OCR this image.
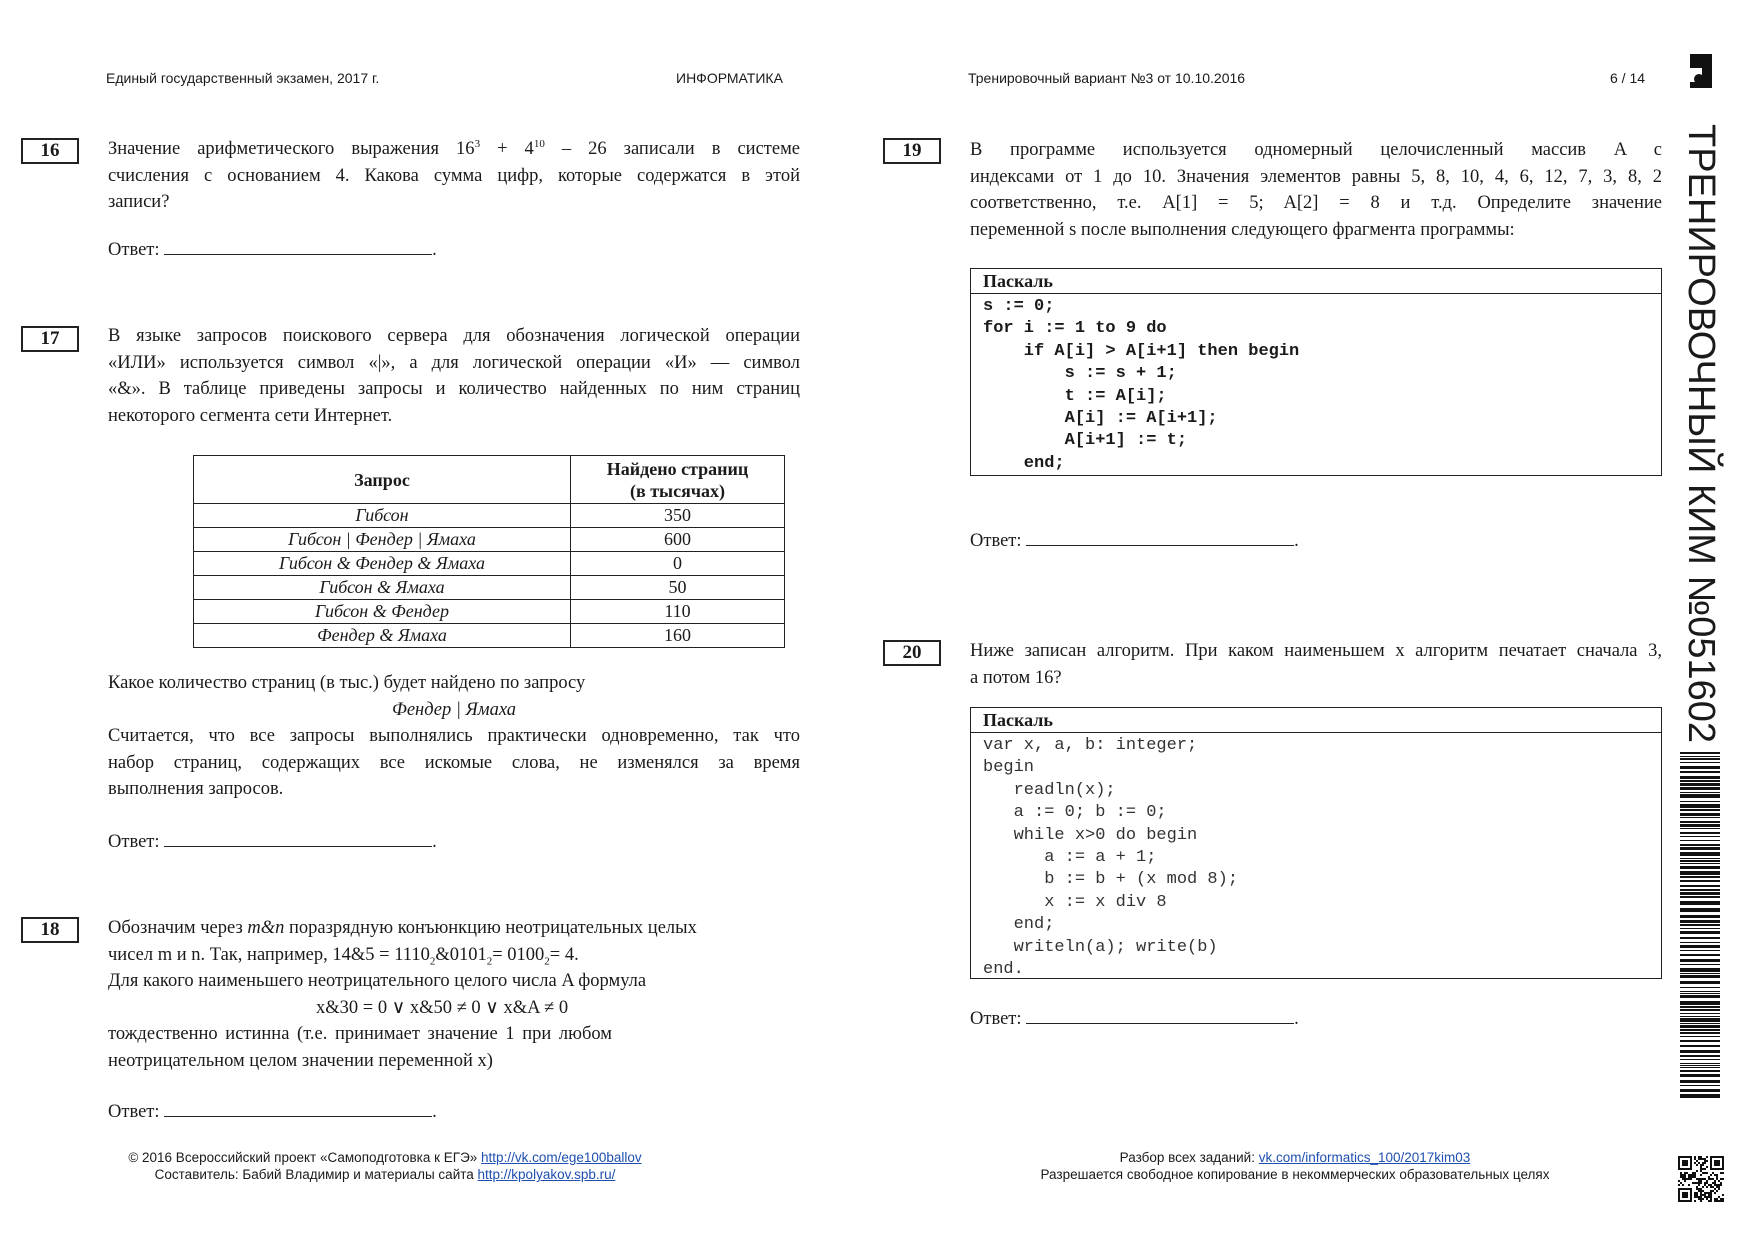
Единый государственный экзамен, 2017 г.	ИНФОРМАТИКА	Тренировочный вариант №3 от 10.10.2016	6 / 14
ТРЕНИРОВОЧНЫЙ КИМ №051602
16	Значение арифметического выражения $16^3 + 4^{10} - 26$ записали в системе
счисления с основанием 4. Какова сумма цифр, которые содержатся в этой
записи?
Ответ:	.
17	В языке запросов поискового сервера для обозначения логической операции
«ИЛИ» используется символ «|», а для логической операции «И» — символ
«&». В таблице приведены запросы и количество найденных по ним страниц
некоторого сегмента сети Интернет.
Запрос	Найдено страниц
(в тысячах)

Гибсон	350
Гибсон | Фендер | Ямаха	600
Гибсон & Фендер & Ямаха	0
Гибсон & Ямаха	50
Гибсон & Фендер	110
Фендер & Ямаха	160
Какое количество страниц (в тыс.) будет найдено по запросу
Фендер | Ямаха
Считается, что все запросы выполнялись практически одновременно, так что
набор страниц, содержащих все искомые слова, не изменялся за время
выполнения запросов.
Ответ:	.
18	Обозначим через m&n поразрядную конъюнкцию неотрицательных целых
чисел m и n. Так, например, 14&5 = $1110_2\&0101_2= 0100_2= 4$.
Для какого наименьшего неотрицательного целого числа A формула
x&30 = 0 ∨ x&50 ≠ 0 ∨ x&A ≠ 0
тождественно истинна (т.е. принимает значение 1 при любом
неотрицательном целом значении переменной x)
Ответ:	.
19	В программе используется одномерный целочисленный массив A с
индексами от 1 до 10. Значения элементов равны 5, 8, 10, 4, 6, 12, 7, 3, 8, 2
соответственно, т.е. A[1] = 5; A[2] = 8 и т.д. Определите значение
переменной s после выполнения следующего фрагмента программы:
Паскаль
s := 0;
for i := 1 to 9 do
if A[i] > A[i+1] then begin
s := s + 1;
t := A[i];
A[i] := A[i+1];
A[i+1] := t;
end;
Ответ:	.
20	Ниже записан алгоритм. При каком наименьшем x алгоритм печатает сначала 3,
а потом 16?
Паскаль
var x, a, b: integer;
begin
readln(x);
a := 0; b := 0;
while x>0 do begin
a := a + 1;
b := b + (x mod 8);
x := x div 8
end;
writeln(a); write(b)
end.
Ответ:	.
© 2016 Всероссийский проект «Самоподготовка к ЕГЭ» http://vk.com/ege100ballov
Составитель: Бабий Владимир и материалы сайта http://kpolyakov.spb.ru/
Разбор всех заданий: vk.com/informatics_100/2017kim03
Разрешается свободное копирование в некоммерческих образовательных целях
